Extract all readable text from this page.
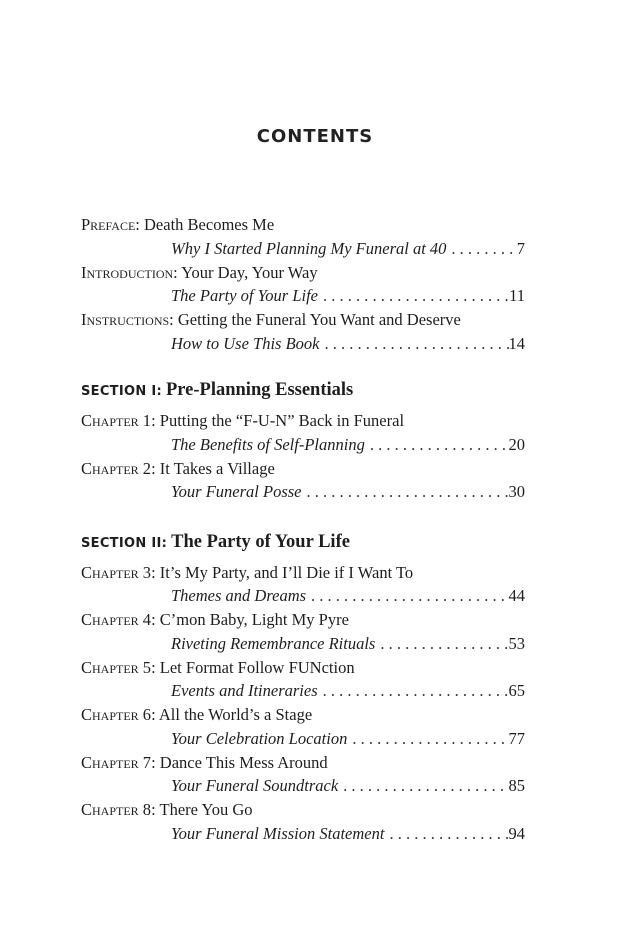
CONTENTS
Preface: Death Becomes Me
Why I Started Planning My Funeral at 40 . . .	7
Introduction: Your Day, Your Way
The Party of Your Life . . .	11
Instructions: Getting the Funeral You Want and Deserve
How to Use This Book . . .	14
SECTION I: Pre-Planning Essentials
Chapter 1: Putting the “F-U-N” Back in Funeral
The Benefits of Self-Planning . . .	20
Chapter 2: It Takes a Village
Your Funeral Posse . . .	30
SECTION II: The Party of Your Life
Chapter 3: It’s My Party, and I’ll Die if I Want To
Themes and Dreams . . .	44
Chapter 4: C’mon Baby, Light My Pyre
Riveting Remembrance Rituals . . .	53
Chapter 5: Let Format Follow FUNction
Events and Itineraries . . .	65
Chapter 6: All the World’s a Stage
Your Celebration Location . . .	77
Chapter 7: Dance This Mess Around
Your Funeral Soundtrack . . .	85
Chapter 8: There You Go
Your Funeral Mission Statement . . .	94
